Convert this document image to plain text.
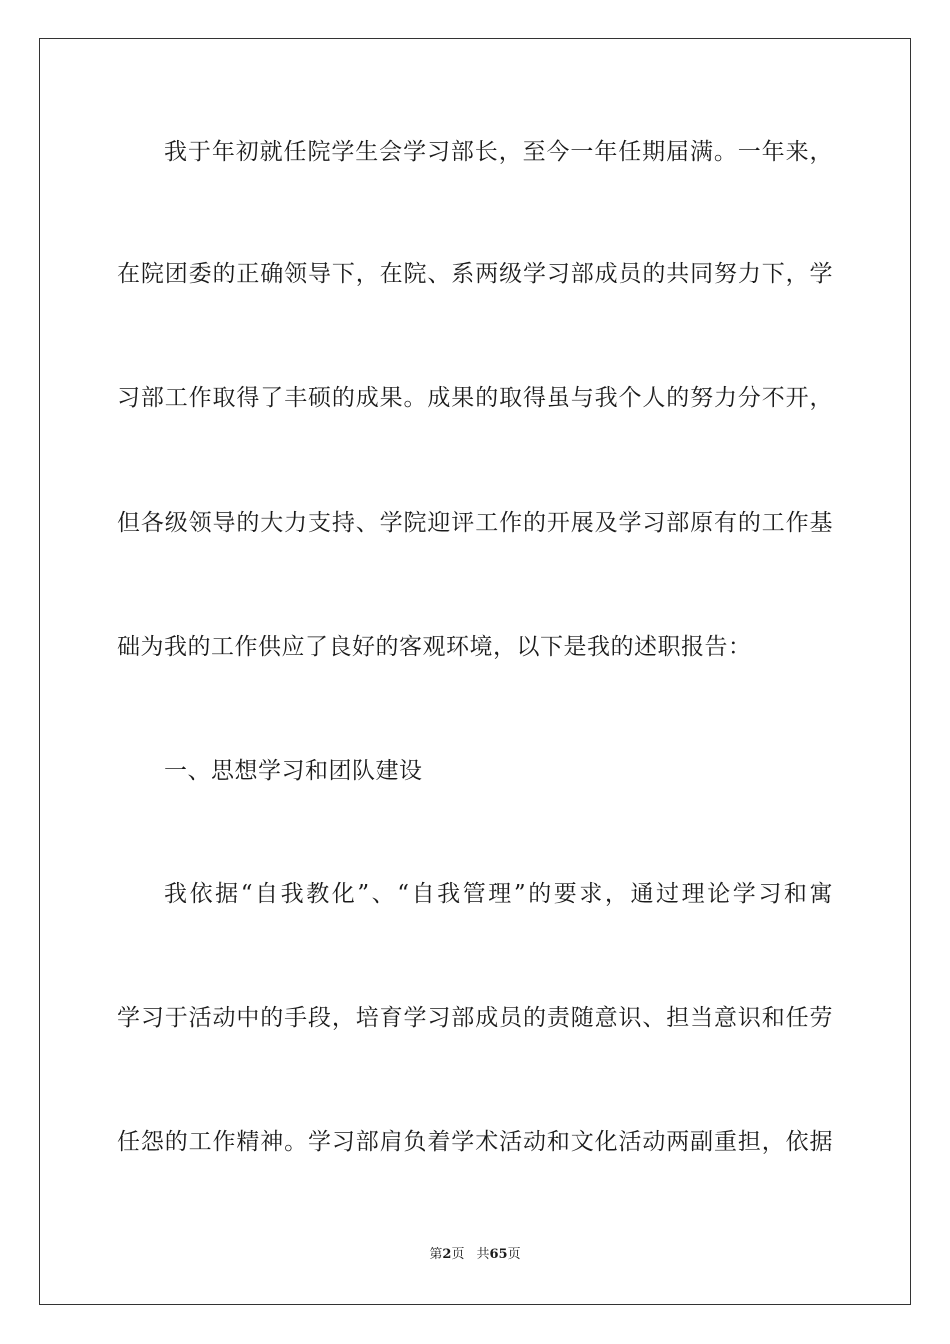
我于年初就任院学生会学习部长，至今一年任期届满。一年来，
在院团委的正确领导下，在院、系两级学习部成员的共同努力下，学
习部工作取得了丰硕的成果。成果的取得虽与我个人的努力分不开，
但各级领导的大力支持、学院迎评工作的开展及学习部原有的工作基
础为我的工作供应了良好的客观环境，以下是我的述职报告：
一、思想学习和团队建设
我依据“自我教化”、“自我管理”的要求，通过理论学习和寓
学习于活动中的手段，培育学习部成员的责随意识、担当意识和任劳
任怨的工作精神。学习部肩负着学术活动和文化活动两副重担，依据
第2页 共65页
